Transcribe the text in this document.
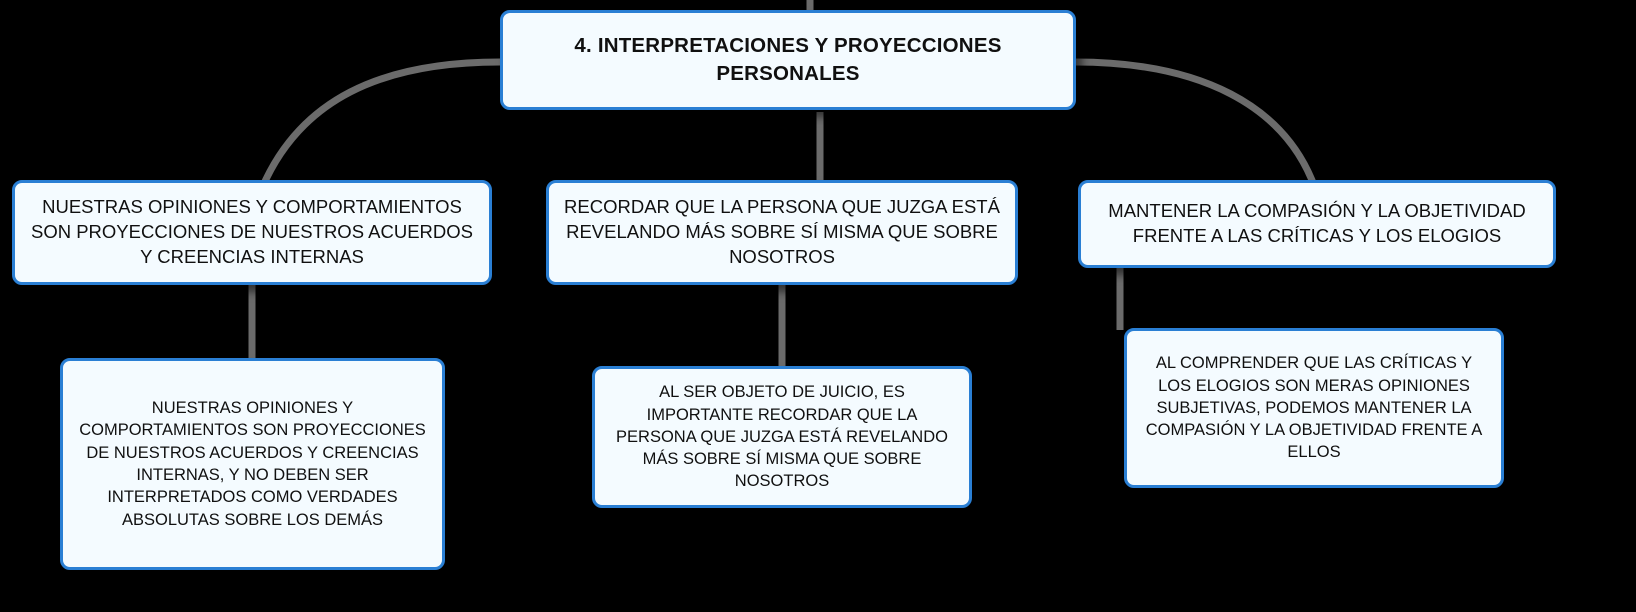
4. INTERPRETACIONES Y PROYECCIONES PERSONALES
NUESTRAS OPINIONES Y COMPORTAMIENTOS SON PROYECCIONES DE NUESTROS ACUERDOS Y CREENCIAS INTERNAS
RECORDAR QUE LA PERSONA QUE JUZGA ESTÁ REVELANDO MÁS SOBRE SÍ MISMA QUE SOBRE NOSOTROS
MANTENER LA COMPASIÓN Y LA OBJETIVIDAD FRENTE A LAS CRÍTICAS Y LOS ELOGIOS
NUESTRAS OPINIONES Y COMPORTAMIENTOS SON PROYECCIONES DE NUESTROS ACUERDOS Y CREENCIAS INTERNAS, Y NO DEBEN SER INTERPRETADOS COMO VERDADES ABSOLUTAS SOBRE LOS DEMÁS
AL SER OBJETO DE JUICIO, ES IMPORTANTE RECORDAR QUE LA PERSONA QUE JUZGA ESTÁ REVELANDO MÁS SOBRE SÍ MISMA QUE SOBRE NOSOTROS
AL COMPRENDER QUE LAS CRÍTICAS Y LOS ELOGIOS SON MERAS OPINIONES SUBJETIVAS, PODEMOS MANTENER LA COMPASIÓN Y LA OBJETIVIDAD FRENTE A ELLOS
